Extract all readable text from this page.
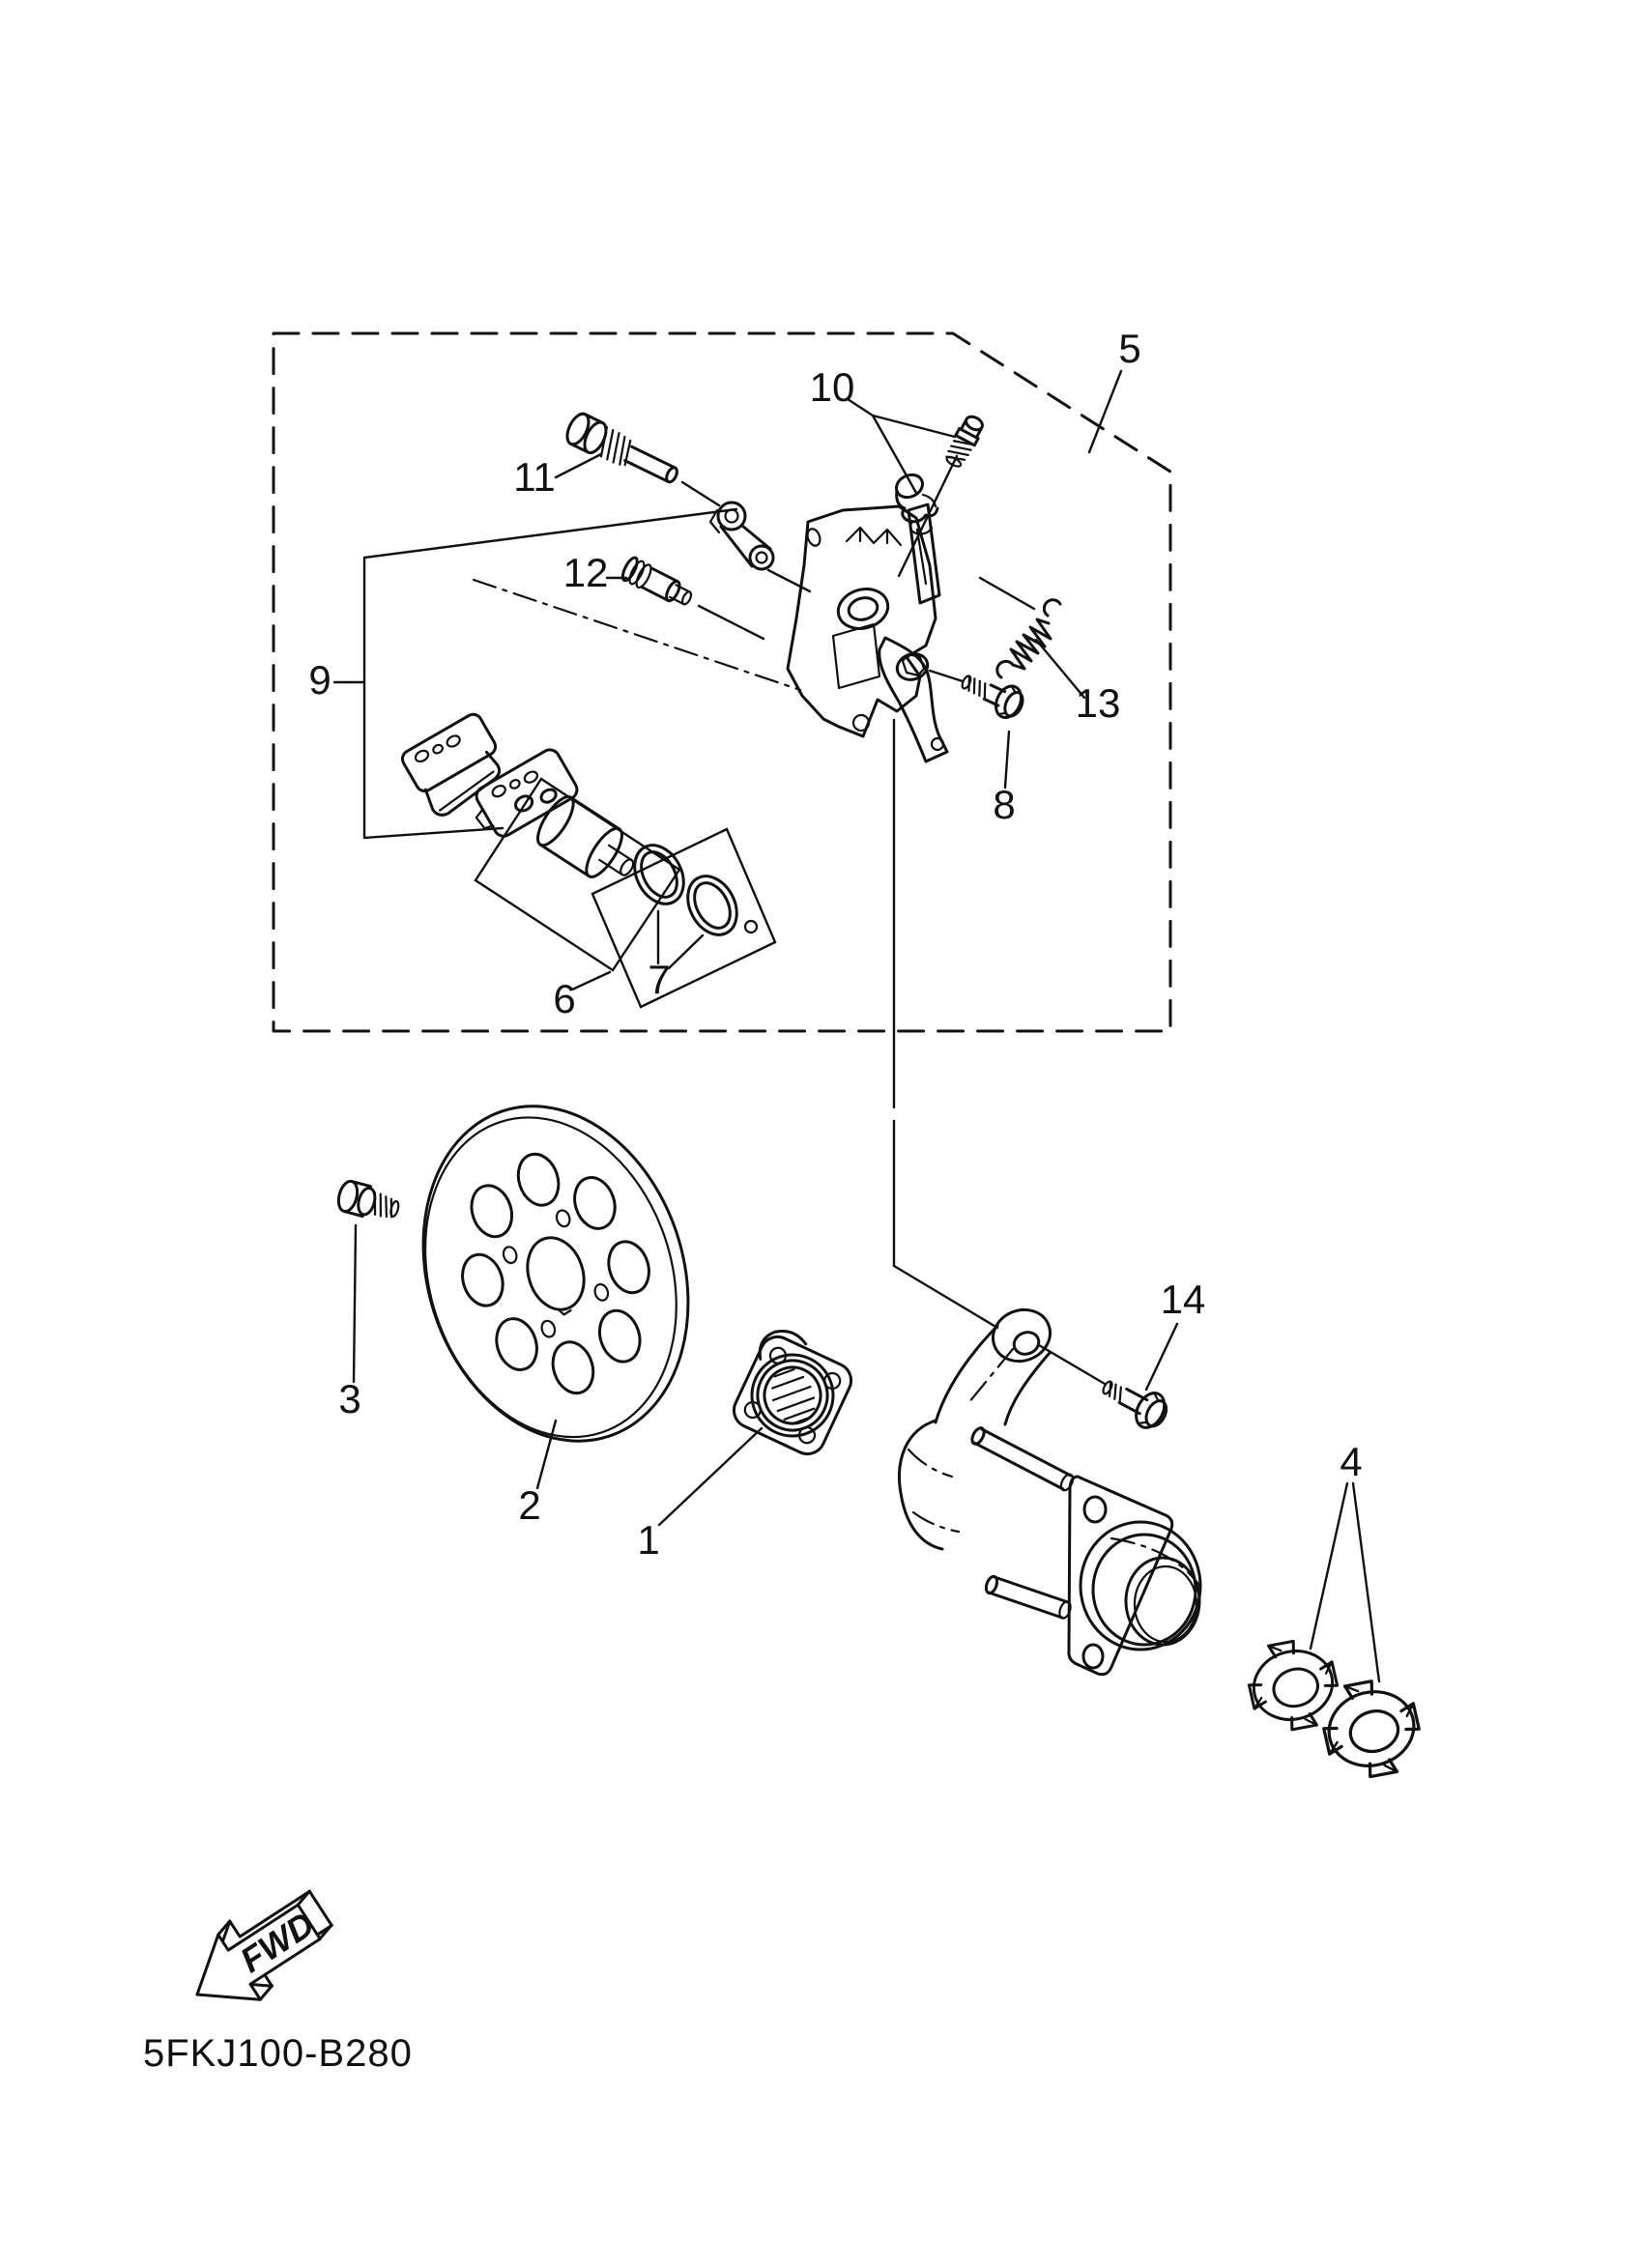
FWD
5FKJ100-B280
1
2
3
4
5
6 7
8
9
10
11
12
13
14
